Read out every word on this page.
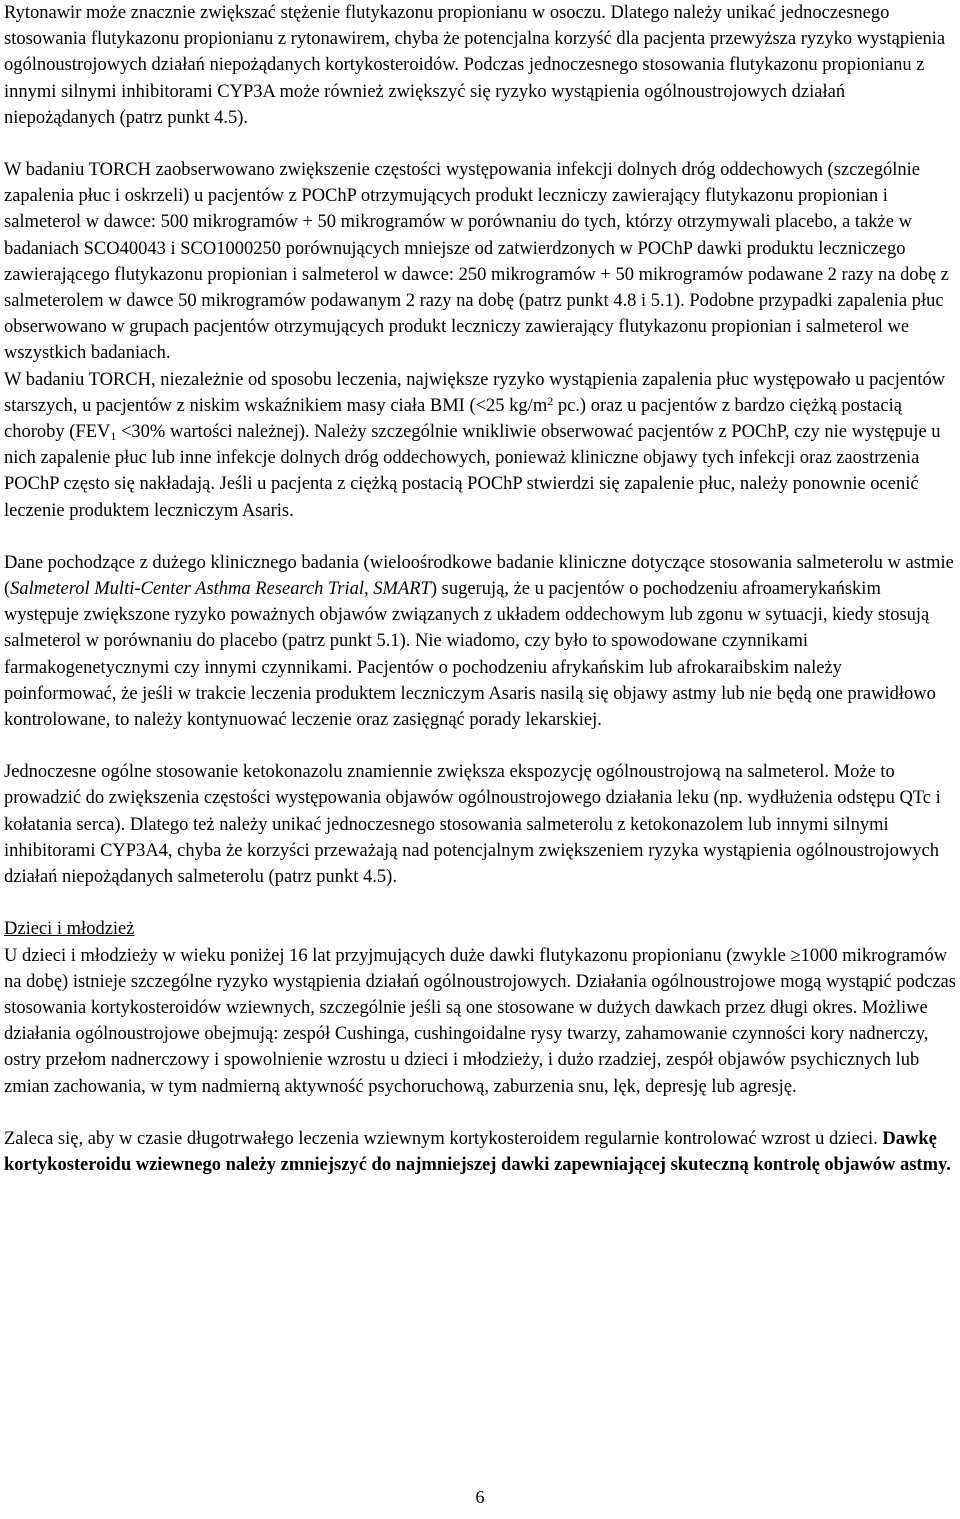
Rytonawir może znacznie zwiększać stężenie flutykazonu propionianu w osoczu. Dlatego należy unikać jednoczesnego stosowania flutykazonu propionianu z rytonawirem, chyba że potencjalna korzyść dla pacjenta przewyższa ryzyko wystąpienia ogólnoustrojowych działań niepożądanych kortykosteroidów. Podczas jednoczesnego stosowania flutykazonu propionianu z innymi silnymi inhibitorami CYP3A może również zwiększyć się ryzyko wystąpienia ogólnoustrojowych działań niepożądanych (patrz punkt 4.5).

W badaniu TORCH zaobserwowano zwiększenie częstości występowania infekcji dolnych dróg oddechowych (szczególnie zapalenia płuc i oskrzeli) u pacjentów z POChP otrzymujących produkt leczniczy zawierający flutykazonu propionian i salmeterol w dawce: 500 mikrogramów + 50 mikrogramów w porównaniu do tych, którzy otrzymywali placebo, a także w badaniach SCO40043 i SCO1000250 porównujących mniejsze od zatwierdzonych w POChP dawki produktu leczniczego zawierającego flutykazonu propionian i salmeterol w dawce: 250 mikrogramów + 50 mikrogramów podawane 2 razy na dobę z salmeterolem w dawce 50 mikrogramów podawanym 2 razy na dobę (patrz punkt 4.8 i 5.1). Podobne przypadki zapalenia płuc obserwowano w grupach pacjentów otrzymujących produkt leczniczy zawierający flutykazonu propionian i salmeterol we wszystkich badaniach.
W badaniu TORCH, niezależnie od sposobu leczenia, największe ryzyko wystąpienia zapalenia płuc występowało u pacjentów starszych, u pacjentów z niskim wskaźnikiem masy ciała BMI (<25 $kg/m^2$ pc.) oraz u pacjentów z bardzo ciężką postacią choroby ($FEV_1 <30\%$ wartości należnej). Należy szczególnie wnikliwie obserwować pacjentów z POChP, czy nie występuje u nich zapalenie płuc lub inne infekcje dolnych dróg oddechowych, ponieważ kliniczne objawy tych infekcji oraz zaostrzenia POChP często się nakładają. Jeśli u pacjenta z ciężką postacią POChP stwierdzi się zapalenie płuc, należy ponownie ocenić leczenie produktem leczniczym Asaris.

Dane pochodzące z dużego klinicznego badania (wieloośrodkowe badanie kliniczne dotyczące stosowania salmeterolu w astmie (Salmeterol Multi-Center Asthma Research Trial, SMART) sugerują, że u pacjentów o pochodzeniu afroamerykańskim występuje zwiększone ryzyko poważnych objawów związanych z układem oddechowym lub zgonu w sytuacji, kiedy stosują salmeterol w porównaniu do placebo (patrz punkt 5.1). Nie wiadomo, czy było to spowodowane czynnikami farmakogenetycznymi czy innymi czynnikami. Pacjentów o pochodzeniu afrykańskim lub afrokaraibskim należy poinformować, że jeśli w trakcie leczenia produktem leczniczym Asaris nasilą się objawy astmy lub nie będą one prawidłowo kontrolowane, to należy kontynuować leczenie oraz zasięgnąć porady lekarskiej.

Jednoczesne ogólne stosowanie ketokonazolu znamiennie zwiększa ekspozycję ogólnoustrojową na salmeterol. Może to prowadzić do zwiększenia częstości występowania objawów ogólnoustrojowego działania leku (np. wydłużenia odstępu QTc i kołatania serca). Dlatego też należy unikać jednoczesnego stosowania salmeterolu z ketokonazolem lub innymi silnymi inhibitorami CYP3A4, chyba że korzyści przeważają nad potencjalnym zwiększeniem ryzyka wystąpienia ogólnoustrojowych działań niepożądanych salmeterolu (patrz punkt 4.5).

Dzieci i młodzież

U dzieci i młodzieży w wieku poniżej 16 lat przyjmujących duże dawki flutykazonu propionianu (zwykle ≥1000 mikrogramów na dobę) istnieje szczególne ryzyko wystąpienia działań ogólnoustrojowych. Działania ogólnoustrojowe mogą wystąpić podczas stosowania kortykosteroidów wziewnych, szczególnie jeśli są one stosowane w dużych dawkach przez długi okres. Możliwe działania ogólnoustrojowe obejmują: zespół Cushinga, cushingoidalne rysy twarzy, zahamowanie czynności kory nadnerczy, ostry przełom nadnerczowy i spowolnienie wzrostu u dzieci i młodzieży, i dużo rzadziej, zespół objawów psychicznych lub zmian zachowania, w tym nadmierną aktywność psychoruchową, zaburzenia snu, lęk, depresję lub agresję.

Zaleca się, aby w czasie długotrwałego leczenia wziewnym kortykosteroidem regularnie kontrolować wzrost u dzieci. Dawkę kortykosteroidu wziewnego należy zmniejszyć do najmniejszej dawki zapewniającej skuteczną kontrolę objawów astmy.

6
